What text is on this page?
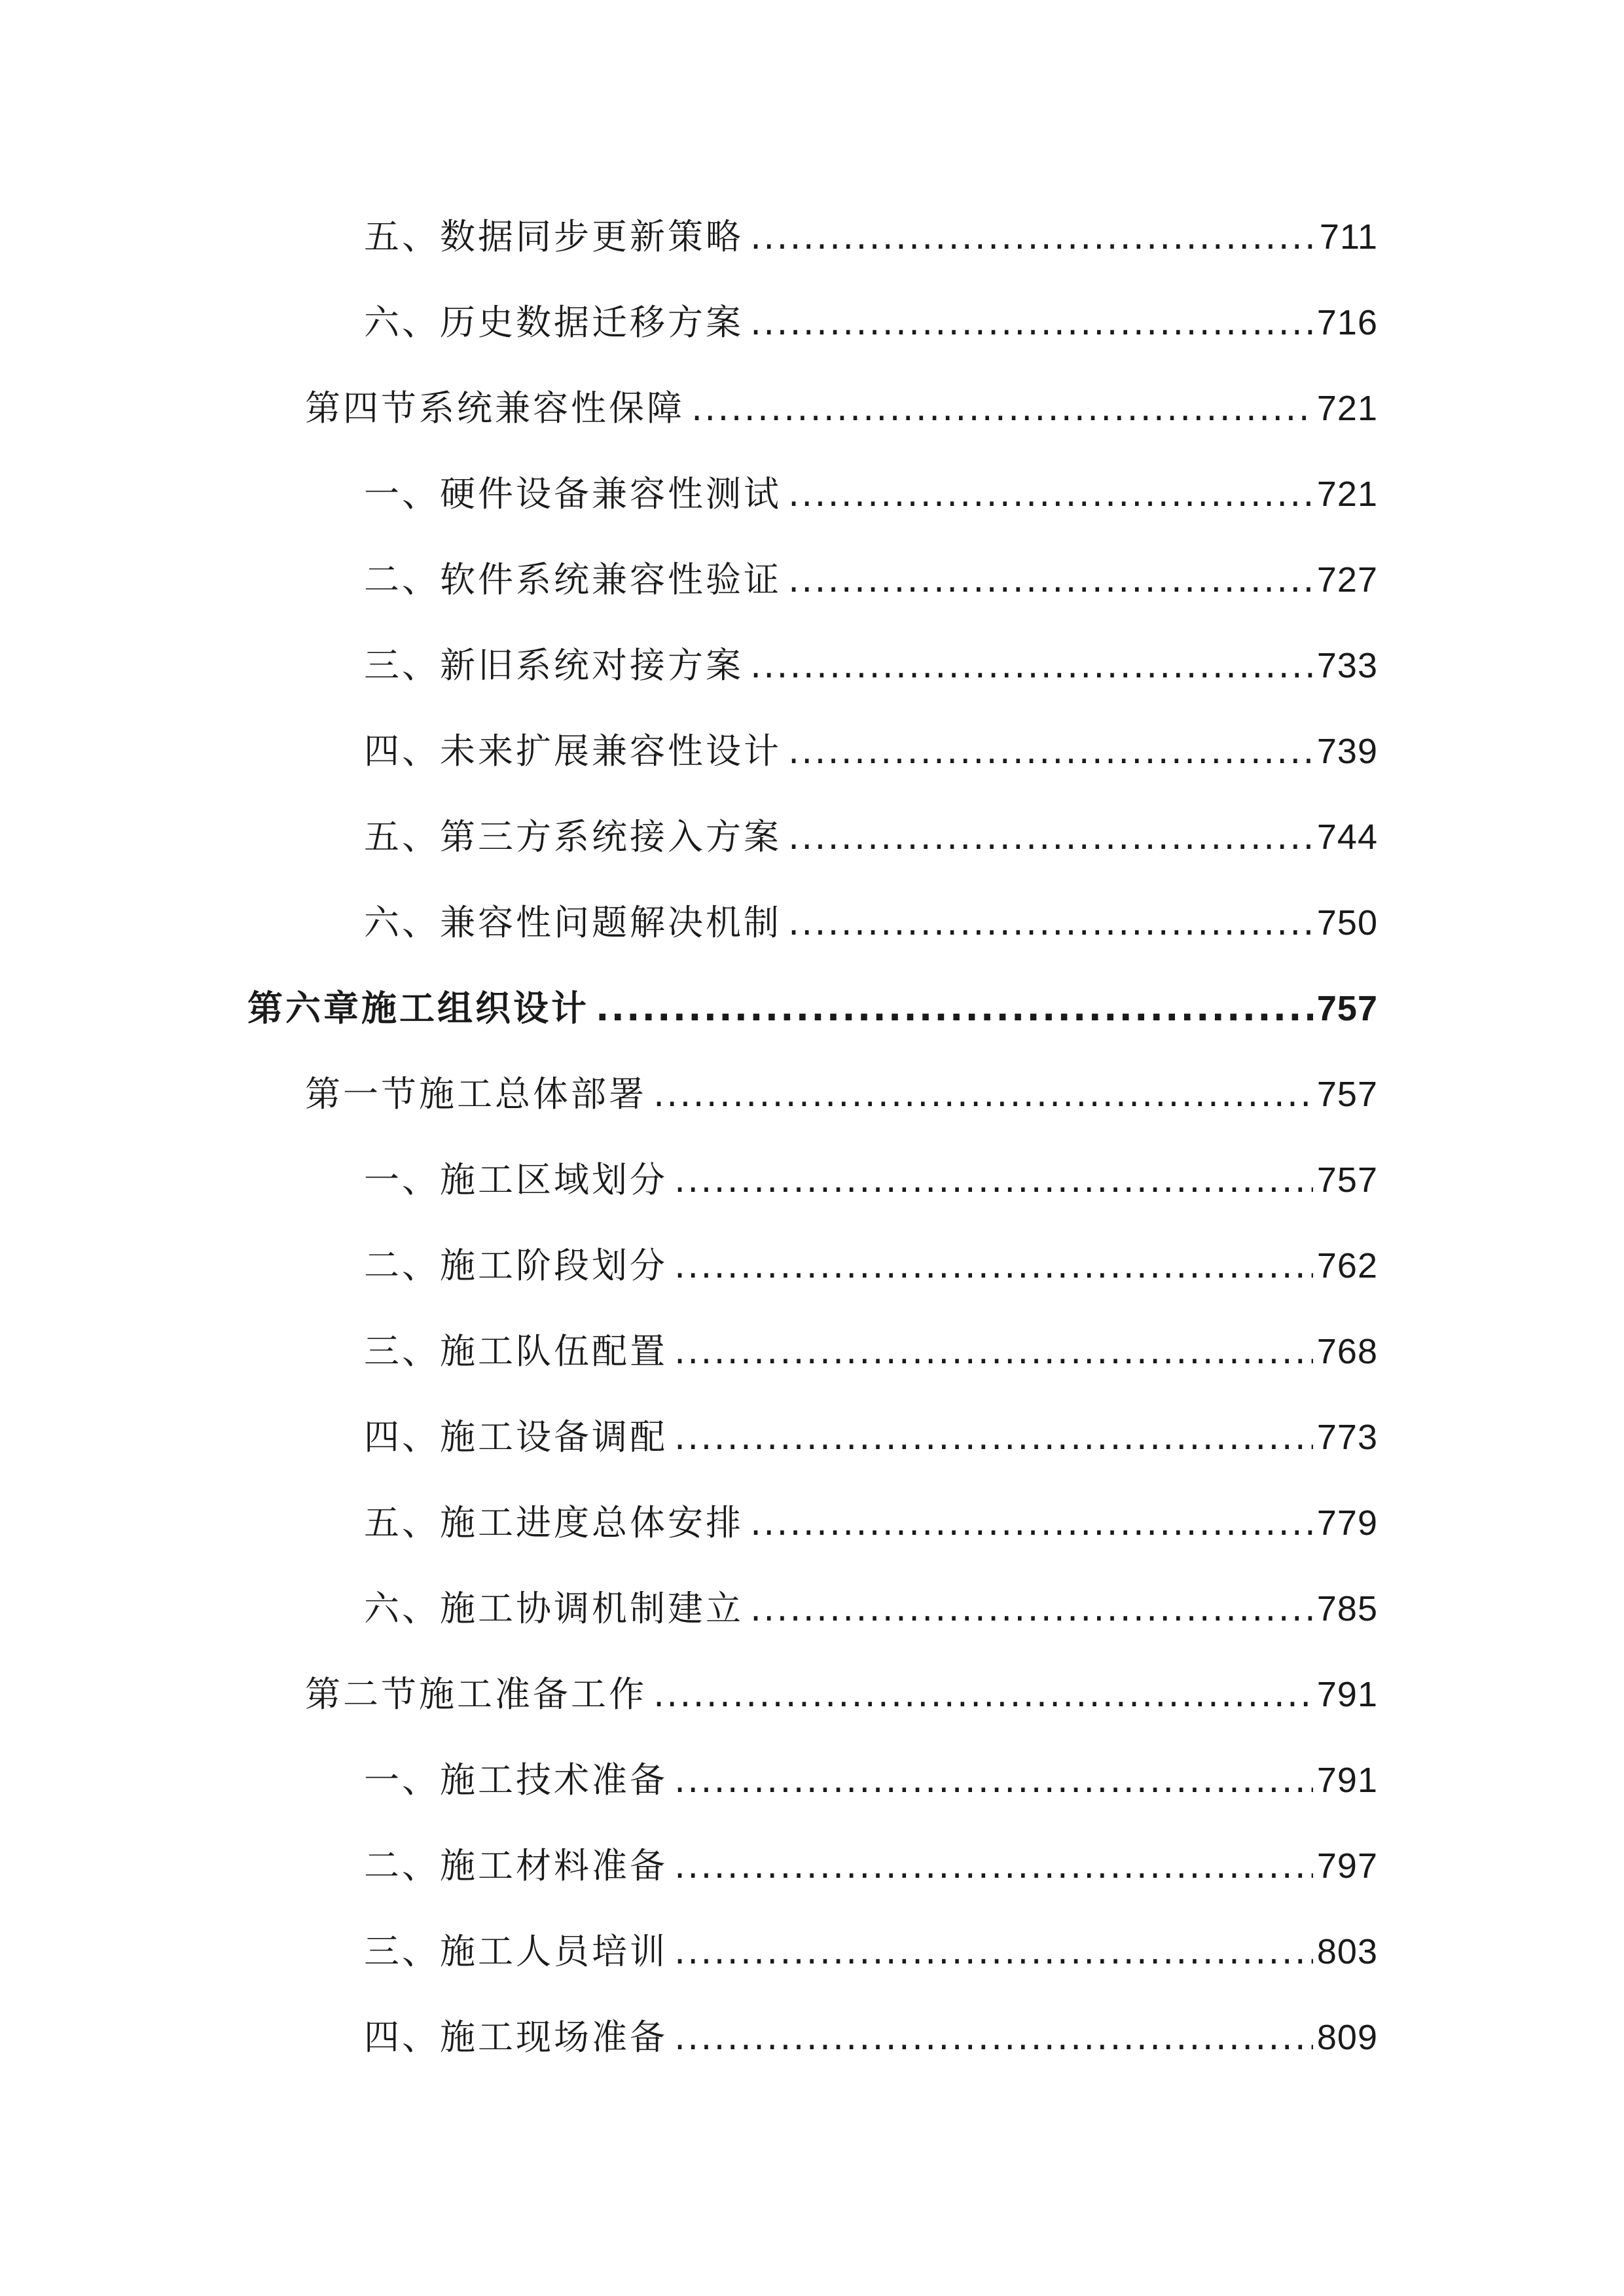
五、数据同步更新策略 .....	711
六、历史数据迁移方案 .....	716
第四节系统兼容性保障 .....	721
一、硬件设备兼容性测试 .....	721
二、软件系统兼容性验证 .....	727
三、新旧系统对接方案 .....	733
四、未来扩展兼容性设计 .....	739
五、第三方系统接入方案 .....	744
六、兼容性问题解决机制 .....	750
第六章施工组织设计 .....	757
第一节施工总体部署 .....	757
一、施工区域划分 .....	757
二、施工阶段划分 .....	762
三、施工队伍配置 .....	768
四、施工设备调配 .....	773
五、施工进度总体安排 .....	779
六、施工协调机制建立 .....	785
第二节施工准备工作 .....	791
一、施工技术准备 .....	791
二、施工材料准备 .....	797
三、施工人员培训 .....	803
四、施工现场准备 .....	809
